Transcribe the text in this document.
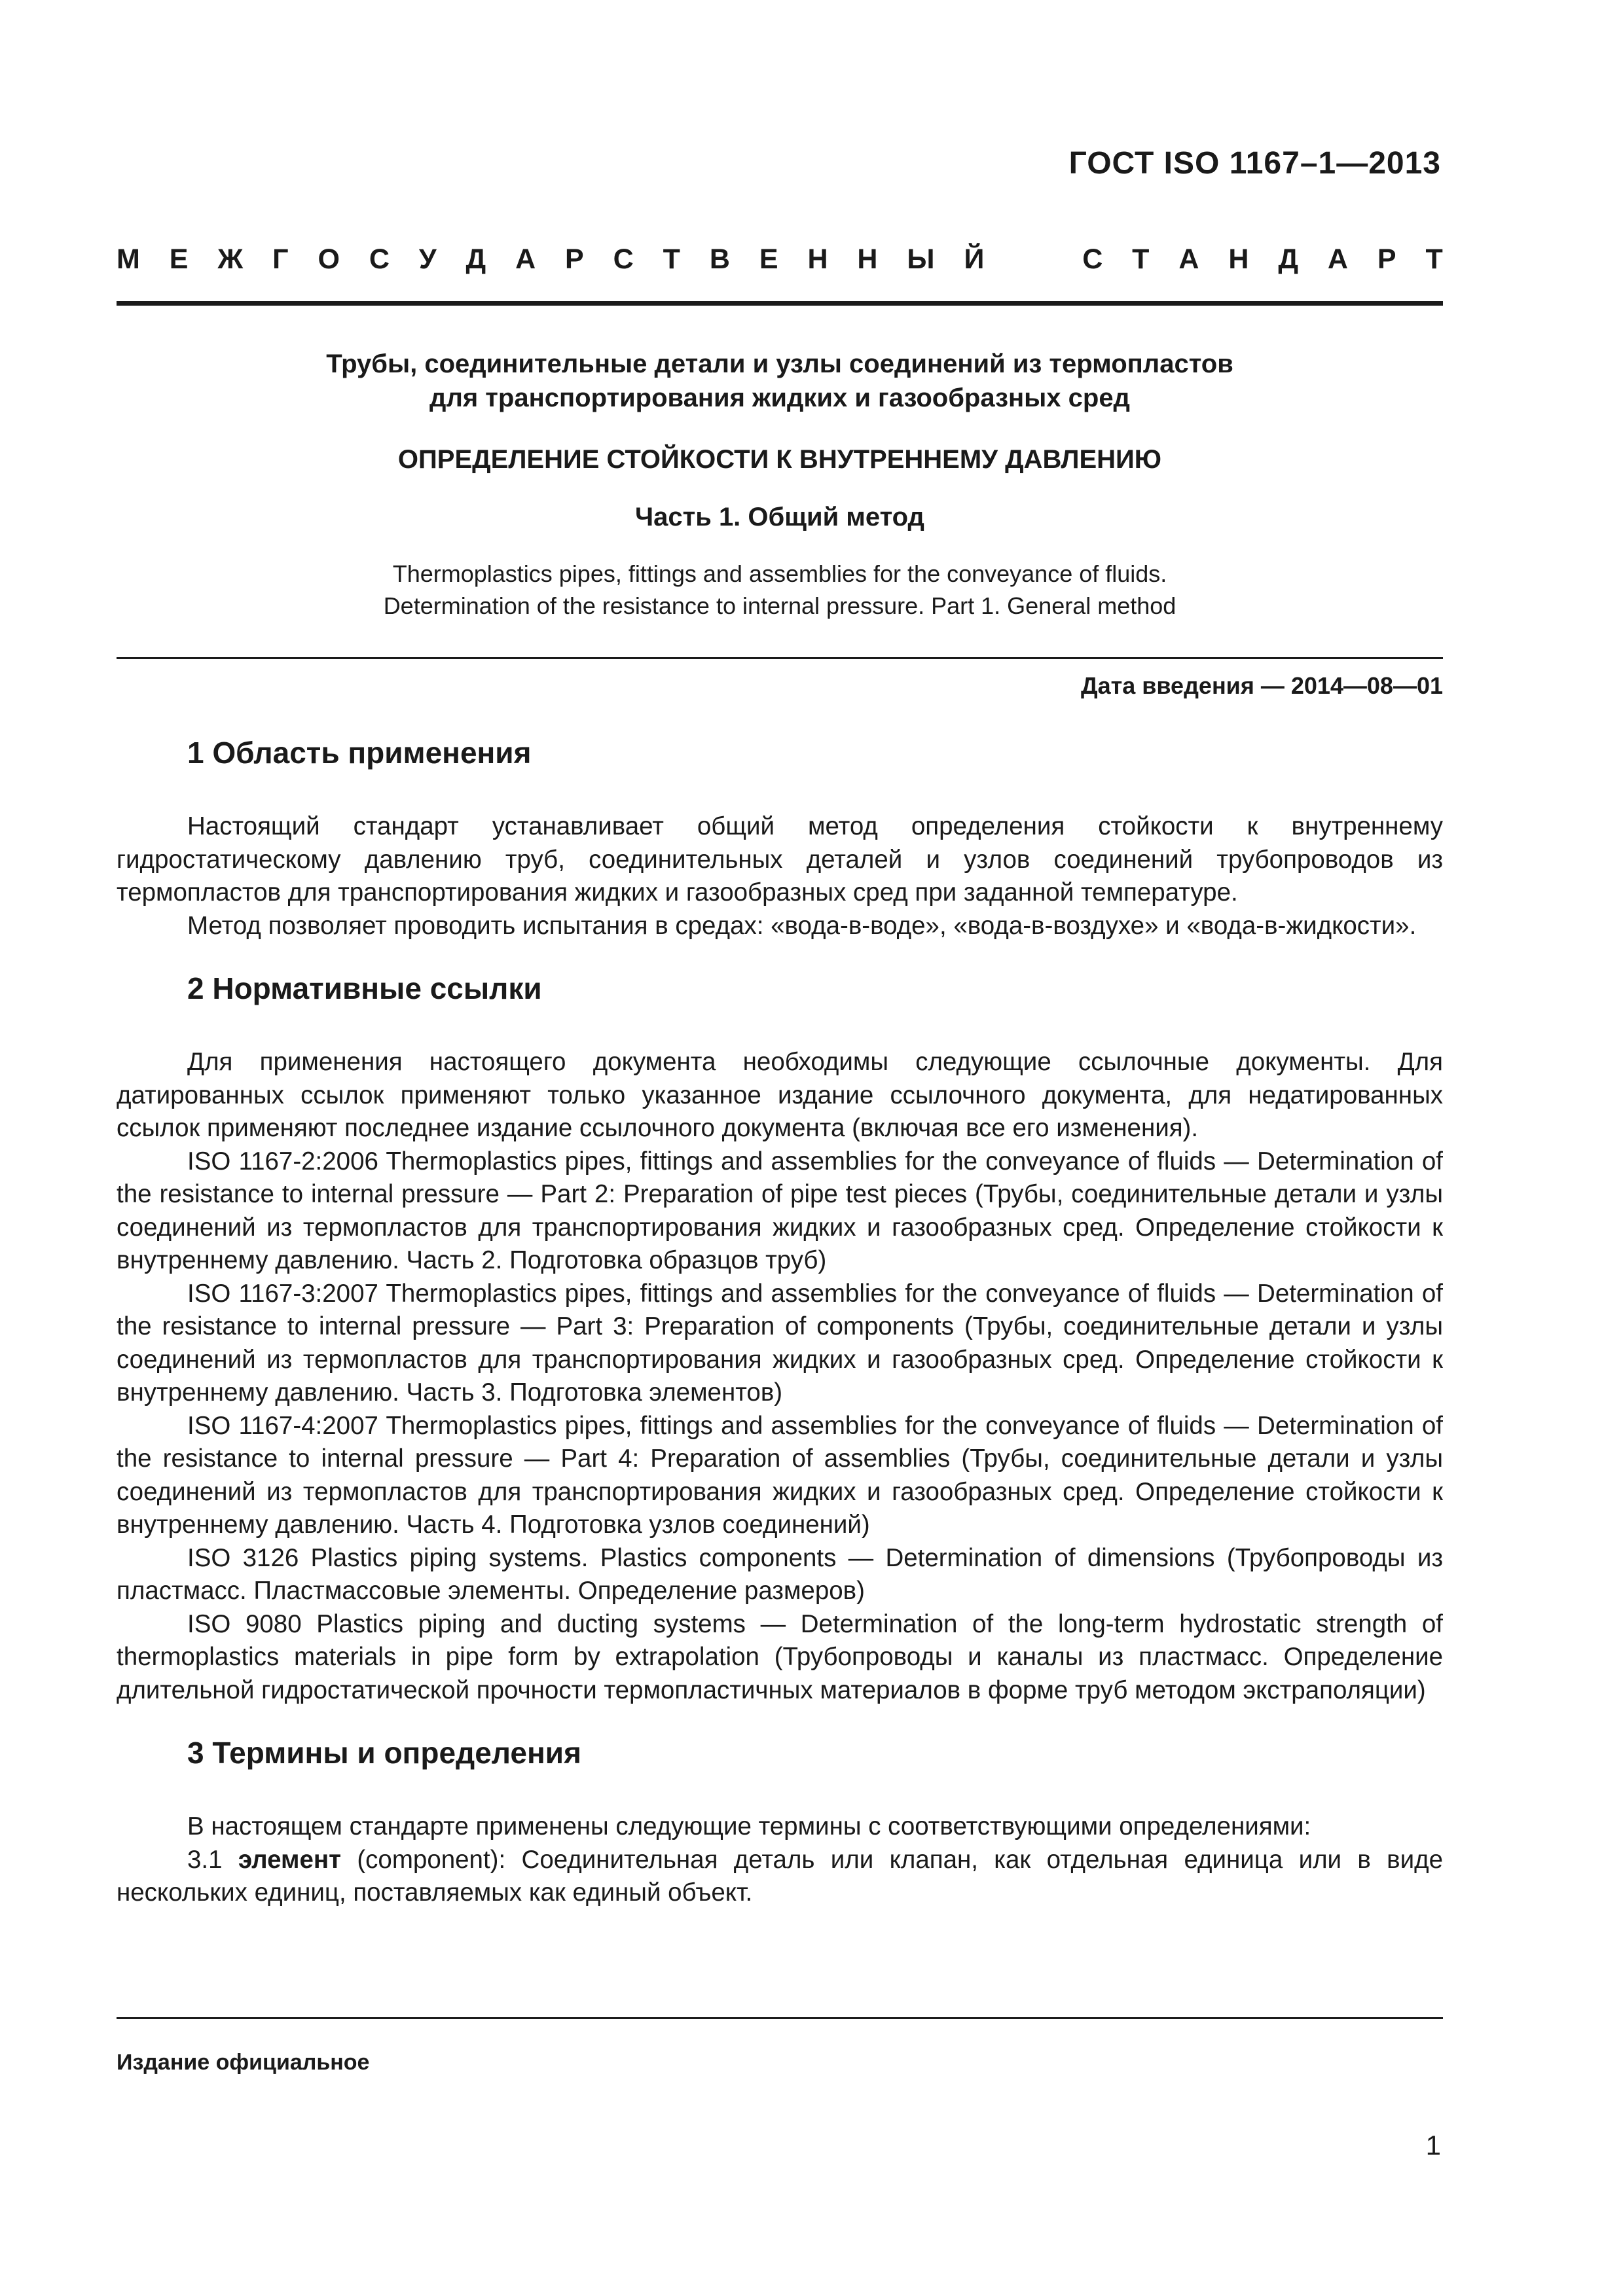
ГОСТ ISO 1167–1—2013
М Е Ж Г О С У Д А Р С Т В Е Н Н Ы Й	С Т А Н Д А Р Т
Трубы, соединительные детали и узлы соединений из термопластов
для транспортирования жидких и газообразных сред
ОПРЕДЕЛЕНИЕ СТОЙКОСТИ К ВНУТРЕННЕМУ ДАВЛЕНИЮ
Часть 1. Общий метод
Thermoplastics pipes, fittings and assemblies for the conveyance of fluids.
Determination of the resistance to internal pressure. Part 1. General method
Дата введения — 2014—08—01
1 Область применения

Настоящий стандарт устанавливает общий метод определения стойкости к внутреннему гидростатическому давлению труб, соединительных деталей и узлов соединений трубопроводов из термопластов для транспортирования жидких и газообразных сред при заданной температуре.

Метод позволяет проводить испытания в средах: «вода-в-воде», «вода-в-воздухе» и «вода-в-жидкости».

2 Нормативные ссылки

Для применения настоящего документа необходимы следующие ссылочные документы. Для датированных ссылок применяют только указанное издание ссылочного документа, для недатированных ссылок применяют последнее издание ссылочного документа (включая все его изменения).

ISO 1167-2:2006 Thermoplastics pipes, fittings and assemblies for the conveyance of fluids — Determination of the resistance to internal pressure — Part 2: Preparation of pipe test pieces (Трубы, соединительные детали и узлы соединений из термопластов для транспортирования жидких и газообразных сред. Определение стойкости к внутреннему давлению. Часть 2. Подготовка образцов труб)

ISO 1167-3:2007 Thermoplastics pipes, fittings and assemblies for the conveyance of fluids — Determination of the resistance to internal pressure — Part 3: Preparation of components (Трубы, соединительные детали и узлы соединений из термопластов для транспортирования жидких и газообразных сред. Определение стойкости к внутреннему давлению. Часть 3. Подготовка элементов)

ISO 1167-4:2007 Thermoplastics pipes, fittings and assemblies for the conveyance of fluids — Determination of the resistance to internal pressure — Part 4: Preparation of assemblies (Трубы, соединительные детали и узлы соединений из термопластов для транспортирования жидких и газообразных сред. Определение стойкости к внутреннему давлению. Часть 4. Подготовка узлов соединений)

ISO 3126 Plastics piping systems. Plastics components — Determination of dimensions (Трубопроводы из пластмасс. Пластмассовые элементы. Определение размеров)

ISO 9080 Plastics piping and ducting systems — Determination of the long-term hydrostatic strength of thermoplastics materials in pipe form by extrapolation (Трубопроводы и каналы из пластмасс. Определение длительной гидростатической прочности термопластичных материалов в форме труб методом экстраполяции)

3 Термины и определения

В настоящем стандарте применены следующие термины с соответствующими определениями:

3.1 элемент (component): Соединительная деталь или клапан, как отдельная единица или в виде нескольких единиц, поставляемых как единый объект.

Издание официальное
1
